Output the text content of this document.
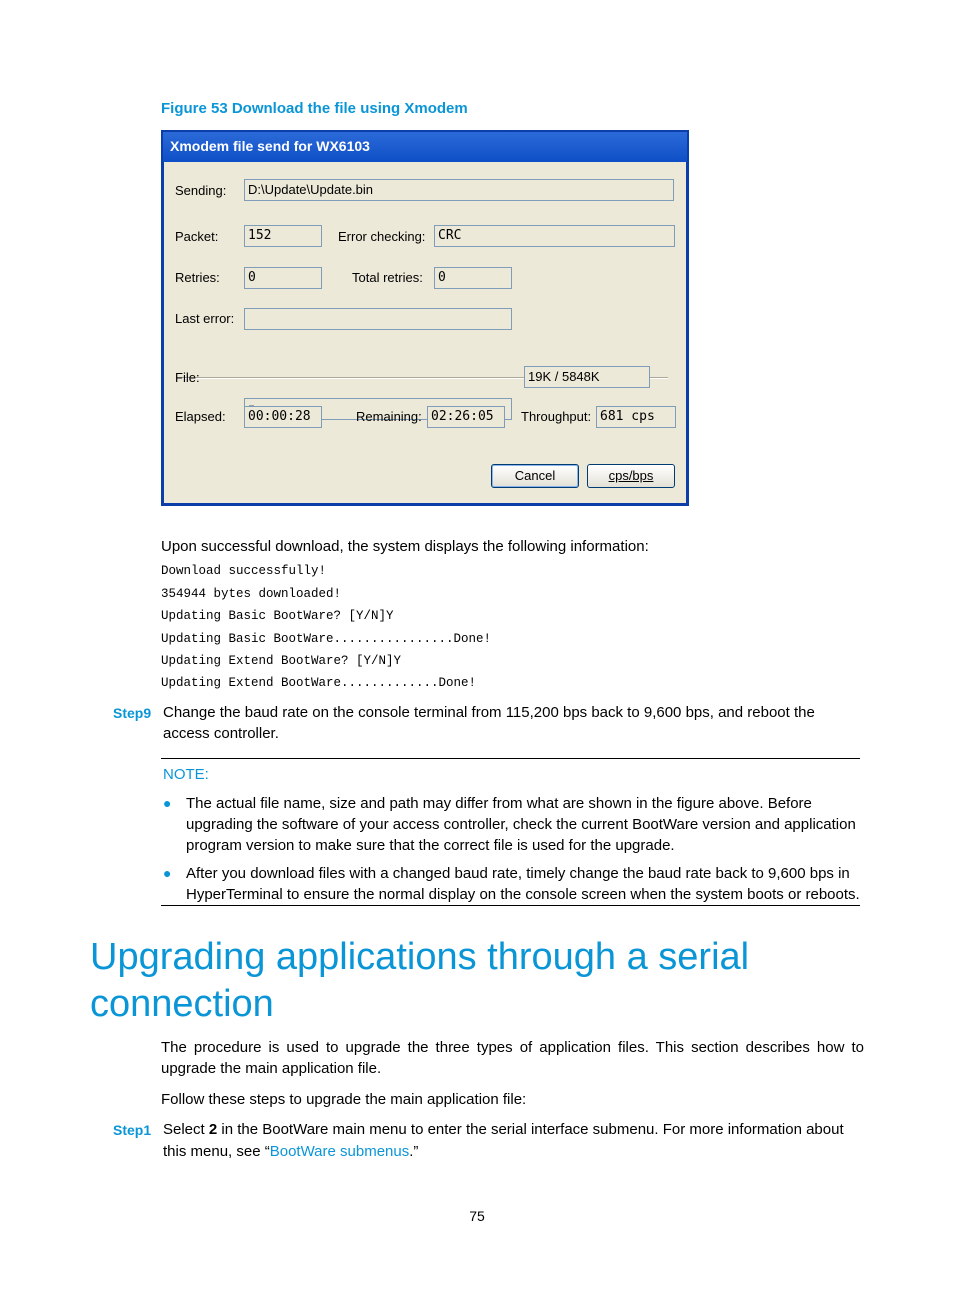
Figure 53 Download the file using Xmodem
Xmodem file send for WX6103
Sending:	D:\Update\Update.bin
Packet:	152	Error checking: CRC
Retries:	0	Total retries:	0
Last error:
File:	19K / 5848K
Elapsed:	00:00:28	Remaining: 02:26:05	Throughput: 681 cps
Cancel	cps/bps
Upon successful download, the system displays the following information:
Download successfully!
354944 bytes downloaded!
Updating Basic BootWare? [Y/N]Y
Updating Basic BootWare................Done!
Updating Extend BootWare? [Y/N]Y
Updating Extend BootWare.............Done!
Step9 Change the baud rate on the console terminal from 115,200 bps back to 9,600 bps, and reboot the
access controller.
NOTE:
● The actual file name, size and path may differ from what are shown in the figure above. Before
upgrading the software of your access controller, check the current BootWare version and application
program version to make sure that the correct file is used for the upgrade.
● After you download files with a changed baud rate, timely change the baud rate back to 9,600 bps in
HyperTerminal to ensure the normal display on the console screen when the system boots or reboots.
Upgrading applications through a serial
connection
The procedure is used to upgrade the three types of application files. This section describes how to
upgrade the main application file.
Follow these steps to upgrade the main application file:
Step1 Select 2 in the BootWare main menu to enter the serial interface submenu. For more information about
this menu, see “BootWare submenus.”
75
